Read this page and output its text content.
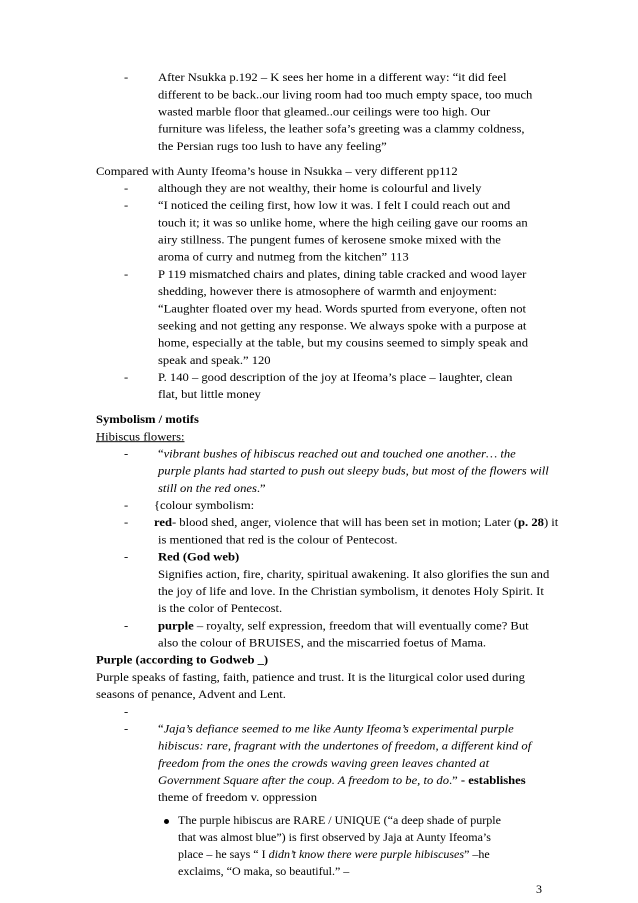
- After Nsukka p.192 – K sees her home in a different way: “it did feel

different to be back..our living room had too much empty space, too much

wasted marble floor that gleamed..our ceilings were too high. Our

furniture was lifeless, the leather sofa’s greeting was a clammy coldness,

the Persian rugs too lush to have any feeling”

Compared with Aunty Ifeoma’s house in Nsukka – very different pp112

- although they are not wealthy, their home is colourful and lively

- “I noticed the ceiling first, how low it was. I felt I could reach out and

touch it; it was so unlike home, where the high ceiling gave our rooms an

airy stillness. The pungent fumes of kerosene smoke mixed with the

aroma of curry and nutmeg from the kitchen” 113

- P 119 mismatched chairs and plates, dining table cracked and wood layer

shedding, however there is atmosophere of warmth and enjoyment:

“Laughter floated over my head. Words spurted from everyone, often not

seeking and not getting any response. We always spoke with a purpose at

home, especially at the table, but my cousins seemed to simply speak and

speak and speak.” 120

- P. 140 – good description of the joy at Ifeoma’s place – laughter, clean

flat, but little money

Symbolism / motifs

Hibiscus flowers:

- “vibrant bushes of hibiscus reached out and touched one another… the

purple plants had started to push out sleepy buds, but most of the flowers will

still on the red ones.”

- {colour symbolism:

- red- blood shed, anger, violence that will has been set in motion; Later (p. 28) it

is mentioned that red is the colour of Pentecost.

- Red (God web)

Signifies action, fire, charity, spiritual awakening. It also glorifies the sun and

the joy of life and love. In the Christian symbolism, it denotes Holy Spirit. It

is the color of Pentecost.

- purple – royalty, self expression, freedom that will eventually come? But

also the colour of BRUISES, and the miscarried foetus of Mama.

Purple (according to Godweb _)

Purple speaks of fasting, faith, patience and trust. It is the liturgical color used during

seasons of penance, Advent and Lent.

-
- “Jaja’s defiance seemed to me like Aunty Ifeoma’s experimental purple

hibiscus: rare, fragrant with the undertones of freedom, a different kind of

freedom from the ones the crowds waving green leaves chanted at

Government Square after the coup. A freedom to be, to do.” - establishes

theme of freedom v. oppression

The purple hibiscus are RARE / UNIQUE (“a deep shade of purple

that was almost blue”) is first observed by Jaja at Aunty Ifeoma’s

place – he says “ I didn’t know there were purple hibiscuses” –he

exclaims, “O maka, so beautiful.” –

3
